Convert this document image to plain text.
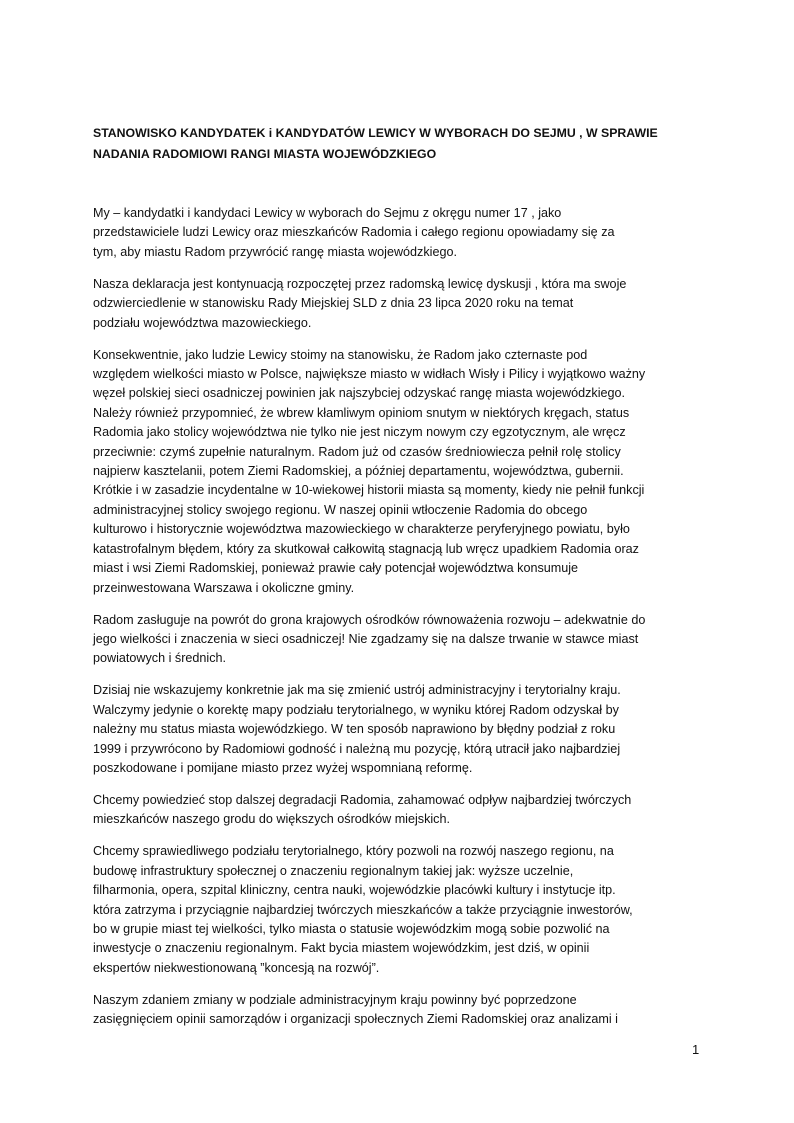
STANOWISKO KANDYDATEK i KANDYDATÓW LEWICY W WYBORACH DO SEJMU , W SPRAWIE
NADANIA RADOMIOWI RANGI MIASTA WOJEWÓDZKIEGO
My – kandydatki i kandydaci Lewicy w wyborach do Sejmu z okręgu numer 17 , jako
przedstawiciele ludzi Lewicy oraz mieszkańców Radomia i całego regionu opowiadamy się za
tym, aby miastu Radom przywrócić rangę miasta wojewódzkiego.
Nasza deklaracja jest kontynuacją rozpoczętej przez radomską lewicę dyskusji , która ma swoje
odzwierciedlenie w stanowisku Rady Miejskiej SLD z dnia 23 lipca 2020 roku na temat
podziału województwa mazowieckiego.
Konsekwentnie, jako ludzie Lewicy stoimy na stanowisku, że Radom jako czternaste pod
względem wielkości miasto w Polsce, największe miasto w widłach Wisły i Pilicy i wyjątkowo ważny
węzeł polskiej sieci osadniczej powinien jak najszybciej odzyskać rangę miasta wojewódzkiego.
Należy również przypomnieć, że wbrew kłamliwym opiniom snutym w niektórych kręgach, status
Radomia jako stolicy województwa nie tylko nie jest niczym nowym czy egzotycznym, ale wręcz
przeciwnie: czymś zupełnie naturalnym. Radom już od czasów średniowiecza pełnił rolę stolicy
najpierw kasztelanii, potem Ziemi Radomskiej, a później departamentu, województwa, gubernii.
Krótkie i w zasadzie incydentalne w 10-wiekowej historii miasta są momenty, kiedy nie pełnił funkcji
administracyjnej stolicy swojego regionu. W naszej opinii wtłoczenie Radomia do obcego
kulturowo i historycznie województwa mazowieckiego w charakterze peryferyjnego powiatu, było
katastrofalnym błędem, który za skutkował całkowitą stagnacją lub wręcz upadkiem Radomia oraz
miast i wsi Ziemi Radomskiej, ponieważ prawie cały potencjał województwa konsumuje
przeinwestowana Warszawa i okoliczne gminy.
Radom zasługuje na powrót do grona krajowych ośrodków równoważenia rozwoju – adekwatnie do
jego wielkości i znaczenia w sieci osadniczej! Nie zgadzamy się na dalsze trwanie w stawce miast
powiatowych i średnich.
Dzisiaj nie wskazujemy konkretnie jak ma się zmienić ustrój administracyjny i terytorialny kraju.
Walczymy jedynie o korektę mapy podziału terytorialnego, w wyniku której Radom odzyskał by
należny mu status miasta wojewódzkiego. W ten sposób naprawiono by błędny podział z roku
1999 i przywrócono by Radomiowi godność i należną mu pozycję, którą utracił jako najbardziej
poszkodowane i pomijane miasto przez wyżej wspomnianą reformę.
Chcemy powiedzieć stop dalszej degradacji Radomia, zahamować odpływ najbardziej twórczych
mieszkańców naszego grodu do większych ośrodków miejskich.
Chcemy sprawiedliwego podziału terytorialnego, który pozwoli na rozwój naszego regionu, na
budowę infrastruktury społecznej o znaczeniu regionalnym takiej jak: wyższe uczelnie,
filharmonia, opera, szpital kliniczny, centra nauki, wojewódzkie placówki kultury i instytucje itp.
która zatrzyma i przyciągnie najbardziej twórczych mieszkańców a także przyciągnie inwestorów,
bo w grupie miast tej wielkości, tylko miasta o statusie wojewódzkim mogą sobie pozwolić na
inwestycje o znaczeniu regionalnym. Fakt bycia miastem wojewódzkim, jest dziś, w opinii
ekspertów niekwestionowaną ”koncesją na rozwój”.
Naszym zdaniem zmiany w podziale administracyjnym kraju powinny być poprzedzone
zasięgnięciem opinii samorządów i organizacji społecznych Ziemi Radomskiej oraz analizami i
1
